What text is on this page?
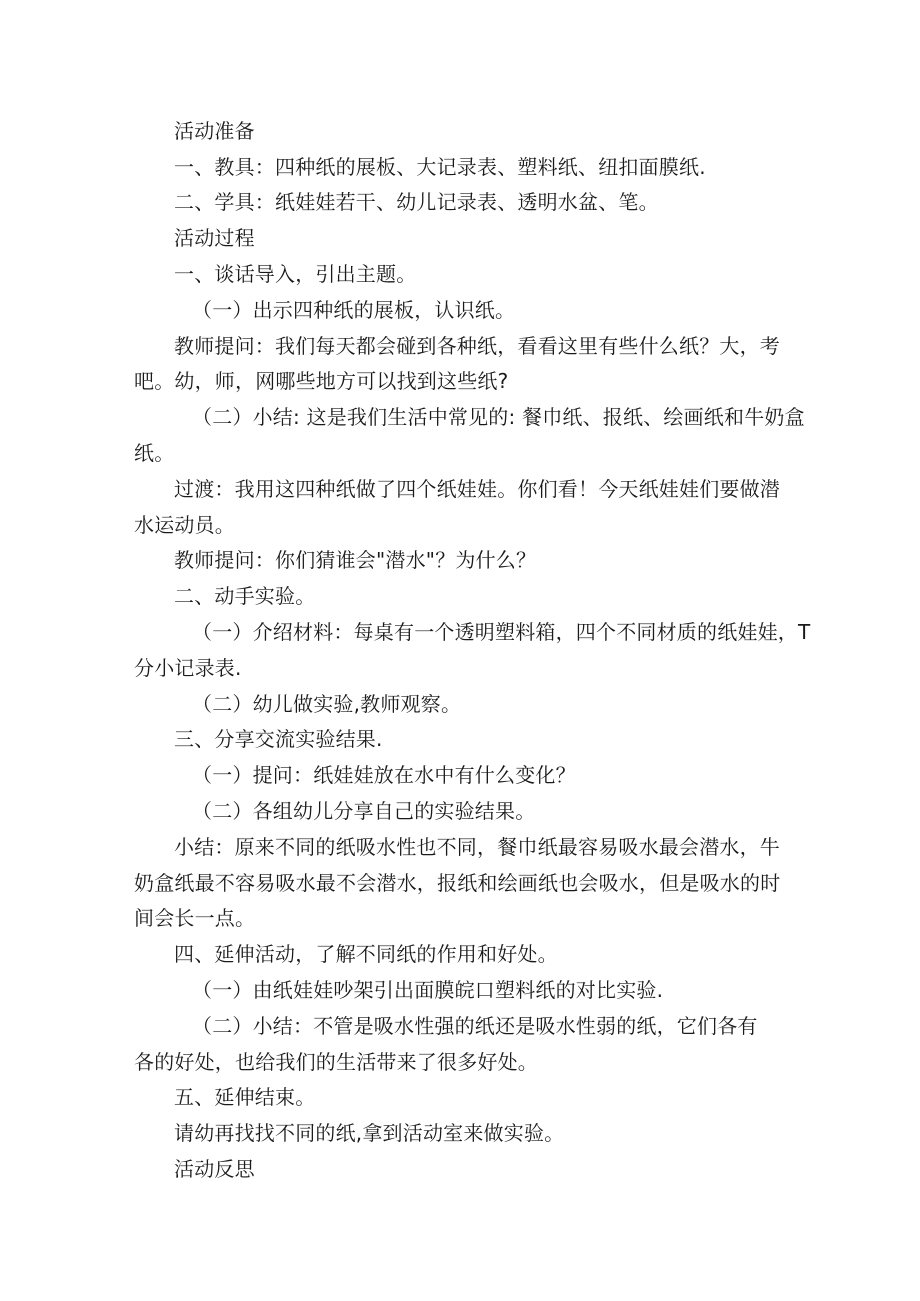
活动准备
一、教具：四种纸的展板、大记录表、塑料纸、纽扣面膜纸.
二、学具：纸娃娃若干、幼儿记录表、透明水盆、笔。
活动过程
一、谈话导入，引出主题。
（一）出示四种纸的展板，认识纸。
教师提问：我们每天都会碰到各种纸，看看这里有些什么纸？大，考
吧。幼，师，网哪些地方可以找到这些纸?
（二）小结: 这是我们生活中常见的: 餐巾纸、报纸、绘画纸和牛奶盒
纸。
过渡：我用这四种纸做了四个纸娃娃。你们看！今天纸娃娃们要做潜
水运动员。
教师提问：你们猜谁会"潜水"？为什么？
二、动手实验。
（一）介绍材料：每桌有一个透明塑料箱，四个不同材质的纸娃娃，T
分小记录表.
（二）幼儿做实验,教师观察。
三、分享交流实验结果.
（一）提问：纸娃娃放在水中有什么变化？
（二）各组幼儿分享自己的实验结果。
小结：原来不同的纸吸水性也不同，餐巾纸最容易吸水最会潜水，牛
奶盒纸最不容易吸水最不会潜水，报纸和绘画纸也会吸水，但是吸水的时
间会长一点。
四、延伸活动，了解不同纸的作用和好处。
（一）由纸娃娃吵架引出面膜皖口塑料纸的对比实验.
（二）小结：不管是吸水性强的纸还是吸水性弱的纸，它们各有
各的好处，也给我们的生活带来了很多好处。
五、延伸结束。
请幼再找找不同的纸,拿到活动室来做实验。
活动反思
